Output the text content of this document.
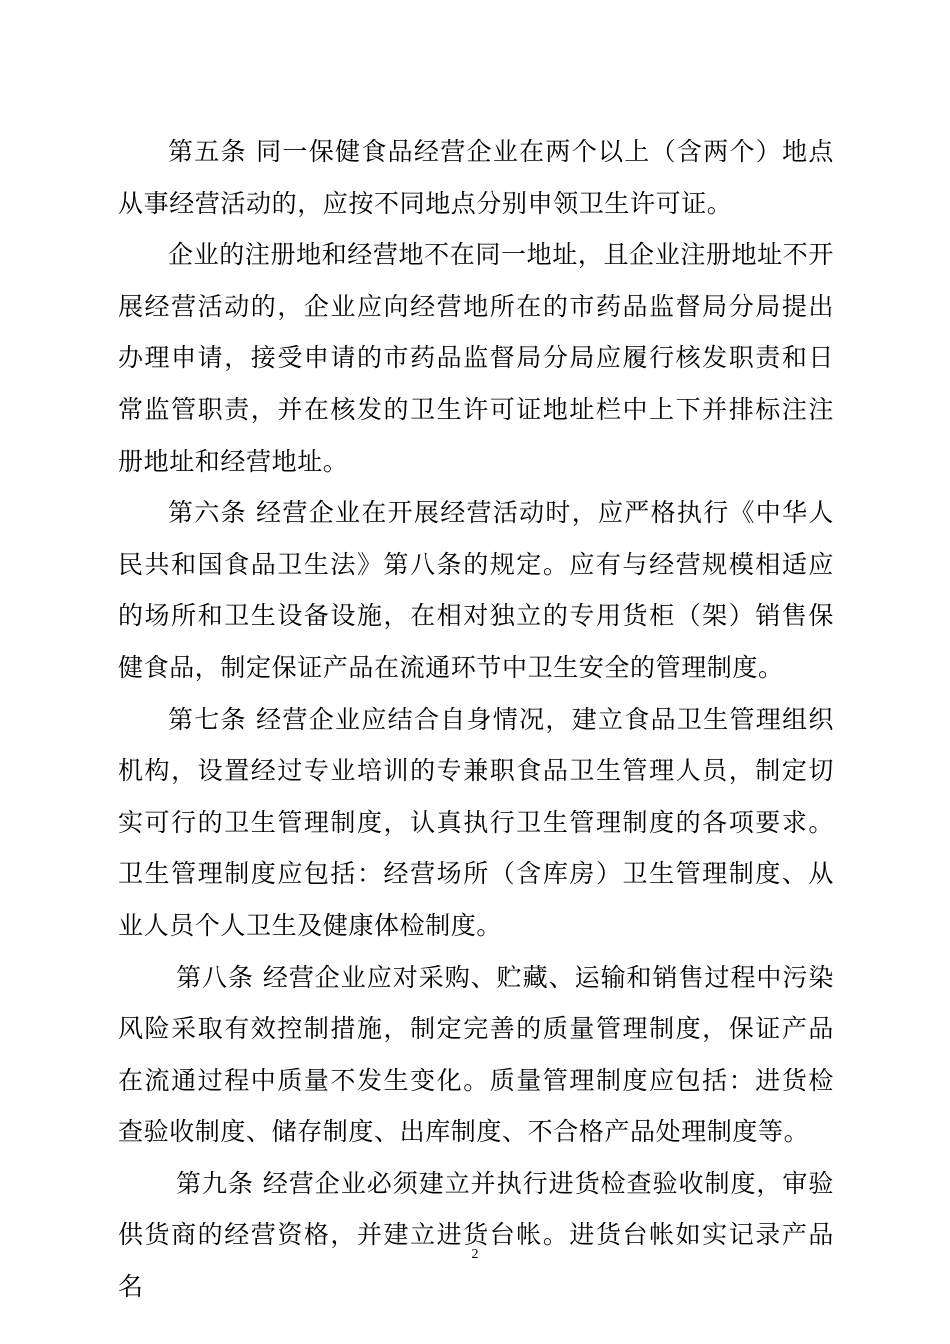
第五条 同一保健食品经营企业在两个以上（含两个）地点从事经营活动的，应按不同地点分别申领卫生许可证。

企业的注册地和经营地不在同一地址，且企业注册地址不开展经营活动的，企业应向经营地所在的市药品监督局分局提出办理申请，接受申请的市药品监督局分局应履行核发职责和日常监管职责，并在核发的卫生许可证地址栏中上下并排标注注册地址和经营地址。

第六条 经营企业在开展经营活动时，应严格执行《中华人民共和国食品卫生法》第八条的规定。应有与经营规模相适应的场所和卫生设备设施，在相对独立的专用货柜（架）销售保健食品，制定保证产品在流通环节中卫生安全的管理制度。

第七条 经营企业应结合自身情况，建立食品卫生管理组织机构，设置经过专业培训的专兼职食品卫生管理人员，制定切实可行的卫生管理制度，认真执行卫生管理制度的各项要求。卫生管理制度应包括：经营场所（含库房）卫生管理制度、从业人员个人卫生及健康体检制度。

第八条 经营企业应对采购、贮藏、运输和销售过程中污染风险采取有效控制措施，制定完善的质量管理制度，保证产品在流通过程中质量不发生变化。质量管理制度应包括：进货检查验收制度、储存制度、出库制度、不合格产品处理制度等。

第九条 经营企业必须建立并执行进货检查验收制度，审验供货商的经营资格，并建立进货台帐。进货台帐如实记录产品名

2
